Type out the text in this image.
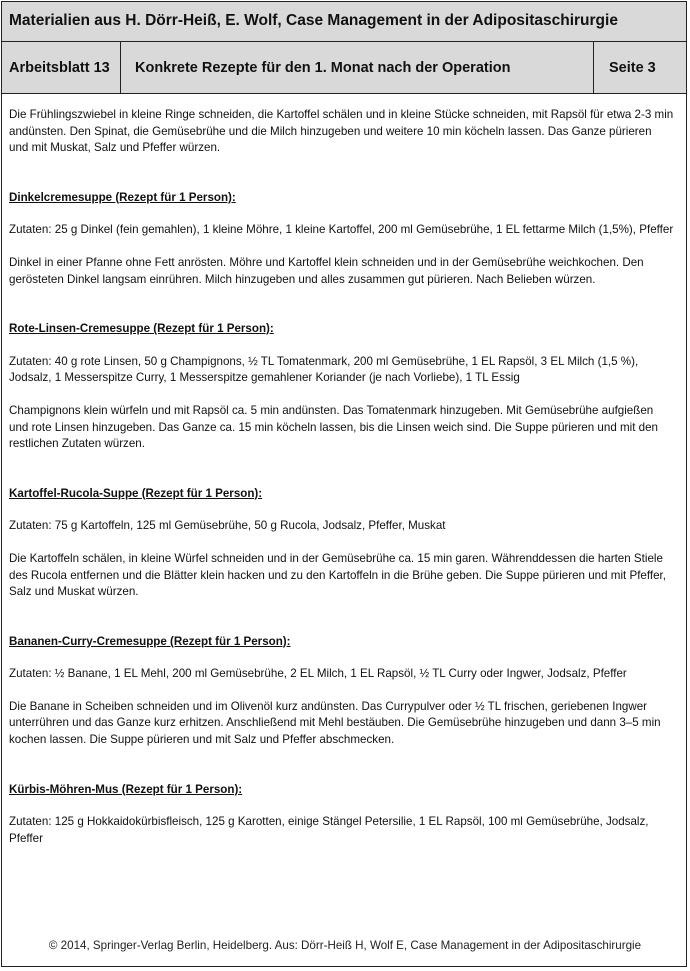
Materialien aus H. Dörr-Heiß, E. Wolf, Case Management in der Adipositaschirurgie
Arbeitsblatt 13	Konkrete Rezepte für den 1. Monat nach der Operation	Seite 3

Die Frühlingszwiebel in kleine Ringe schneiden, die Kartoffel schälen und in kleine Stücke schneiden, mit Rapsöl für etwa 2-3 min andünsten. Den Spinat, die Gemüsebrühe und die Milch hinzugeben und weitere 10 min köcheln lassen. Das Ganze pürieren und mit Muskat, Salz und Pfeffer würzen.

Dinkelcremesuppe (Rezept für 1 Person):

Zutaten: 25 g Dinkel (fein gemahlen), 1 kleine Möhre, 1 kleine Kartoffel, 200 ml Gemüsebrühe, 1 EL fettarme Milch (1,5%), Pfeffer

Dinkel in einer Pfanne ohne Fett anrösten. Möhre und Kartoffel klein schneiden und in der Gemüsebrühe weichkochen. Den gerösteten Dinkel langsam einrühren. Milch hinzugeben und alles zusammen gut pürieren. Nach Belieben würzen.

Rote-Linsen-Cremesuppe (Rezept für 1 Person):

Zutaten: 40 g rote Linsen, 50 g Champignons, ½ TL Tomatenmark, 200 ml Gemüsebrühe, 1 EL Rapsöl, 3 EL Milch (1,5 %), Jodsalz, 1 Messerspitze Curry, 1 Messerspitze gemahlener Koriander (je nach Vorliebe), 1 TL Essig

Champignons klein würfeln und mit Rapsöl ca. 5 min andünsten. Das Tomatenmark hinzugeben. Mit Gemüsebrühe aufgießen und rote Linsen hinzugeben. Das Ganze ca. 15 min köcheln lassen, bis die Linsen weich sind. Die Suppe pürieren und mit den restlichen Zutaten würzen.

Kartoffel-Rucola-Suppe (Rezept für 1 Person):

Zutaten: 75 g Kartoffeln, 125 ml Gemüsebrühe, 50 g Rucola, Jodsalz, Pfeffer, Muskat

Die Kartoffeln schälen, in kleine Würfel schneiden und in der Gemüsebrühe ca. 15 min garen. Währenddessen die harten Stiele des Rucola entfernen und die Blätter klein hacken und zu den Kartoffeln in die Brühe geben. Die Suppe pürieren und mit Pfeffer, Salz und Muskat würzen.

Bananen-Curry-Cremesuppe (Rezept für 1 Person):

Zutaten: ½ Banane, 1 EL Mehl, 200 ml Gemüsebrühe, 2 EL Milch, 1 EL Rapsöl, ½ TL Curry oder Ingwer, Jodsalz, Pfeffer

Die Banane in Scheiben schneiden und im Olivenöl kurz andünsten. Das Currypulver oder ½ TL frischen, geriebenen Ingwer unterrühren und das Ganze kurz erhitzen. Anschließend mit Mehl bestäuben. Die Gemüsebrühe hinzugeben und dann 3–5 min kochen lassen. Die Suppe pürieren und mit Salz und Pfeffer abschmecken.

Kürbis-Möhren-Mus (Rezept für 1 Person):

Zutaten: 125 g Hokkaidokürbisfleisch, 125 g Karotten, einige Stängel Petersilie, 1 EL Rapsöl, 100 ml Gemüsebrühe, Jodsalz, Pfeffer

© 2014, Springer-Verlag Berlin, Heidelberg. Aus: Dörr-Heiß H, Wolf E, Case Management in der Adipositaschirurgie
